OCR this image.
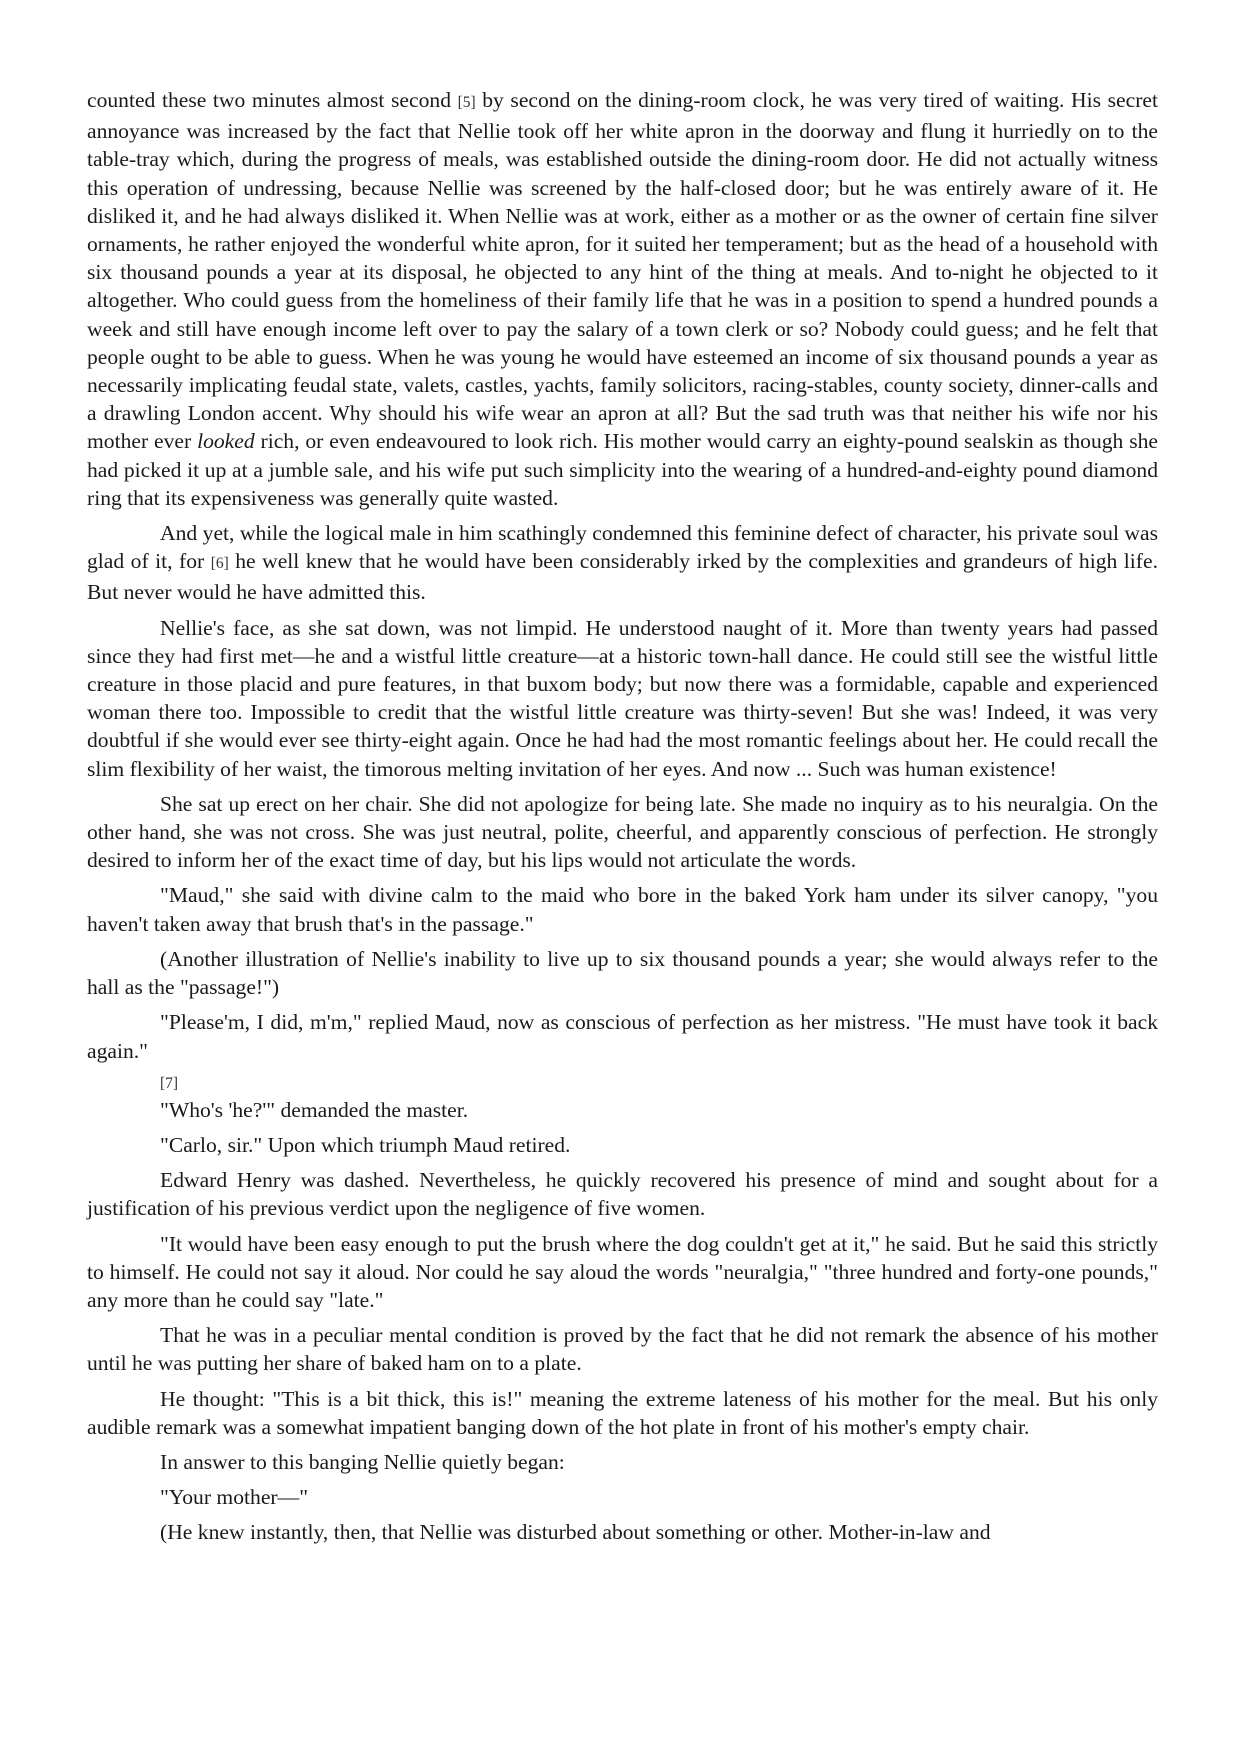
counted these two minutes almost second [5] by second on the dining-room clock, he was very tired of waiting. His secret annoyance was increased by the fact that Nellie took off her white apron in the doorway and flung it hurriedly on to the table-tray which, during the progress of meals, was established outside the dining-room door. He did not actually witness this operation of undressing, because Nellie was screened by the half-closed door; but he was entirely aware of it. He disliked it, and he had always disliked it. When Nellie was at work, either as a mother or as the owner of certain fine silver ornaments, he rather enjoyed the wonderful white apron, for it suited her temperament; but as the head of a household with six thousand pounds a year at its disposal, he objected to any hint of the thing at meals. And to-night he objected to it altogether. Who could guess from the homeliness of their family life that he was in a position to spend a hundred pounds a week and still have enough income left over to pay the salary of a town clerk or so? Nobody could guess; and he felt that people ought to be able to guess. When he was young he would have esteemed an income of six thousand pounds a year as necessarily implicating feudal state, valets, castles, yachts, family solicitors, racing-stables, county society, dinner-calls and a drawling London accent. Why should his wife wear an apron at all? But the sad truth was that neither his wife nor his mother ever looked rich, or even endeavoured to look rich. His mother would carry an eighty-pound sealskin as though she had picked it up at a jumble sale, and his wife put such simplicity into the wearing of a hundred-and-eighty pound diamond ring that its expensiveness was generally quite wasted.

And yet, while the logical male in him scathingly condemned this feminine defect of character, his private soul was glad of it, for [6] he well knew that he would have been considerably irked by the complexities and grandeurs of high life. But never would he have admitted this.

Nellie's face, as she sat down, was not limpid. He understood naught of it. More than twenty years had passed since they had first met—he and a wistful little creature—at a historic town-hall dance. He could still see the wistful little creature in those placid and pure features, in that buxom body; but now there was a formidable, capable and experienced woman there too. Impossible to credit that the wistful little creature was thirty-seven! But she was! Indeed, it was very doubtful if she would ever see thirty-eight again. Once he had had the most romantic feelings about her. He could recall the slim flexibility of her waist, the timorous melting invitation of her eyes. And now ... Such was human existence!

She sat up erect on her chair. She did not apologize for being late. She made no inquiry as to his neuralgia. On the other hand, she was not cross. She was just neutral, polite, cheerful, and apparently conscious of perfection. He strongly desired to inform her of the exact time of day, but his lips would not articulate the words.

"Maud," she said with divine calm to the maid who bore in the baked York ham under its silver canopy, "you haven't taken away that brush that's in the passage."

(Another illustration of Nellie's inability to live up to six thousand pounds a year; she would always refer to the hall as the "passage!")

"Please'm, I did, m'm," replied Maud, now as conscious of perfection as her mistress. "He must have took it back again."

[7]

"Who's 'he?'" demanded the master.

"Carlo, sir." Upon which triumph Maud retired.

Edward Henry was dashed. Nevertheless, he quickly recovered his presence of mind and sought about for a justification of his previous verdict upon the negligence of five women.

"It would have been easy enough to put the brush where the dog couldn't get at it," he said. But he said this strictly to himself. He could not say it aloud. Nor could he say aloud the words "neuralgia," "three hundred and forty-one pounds," any more than he could say "late."

That he was in a peculiar mental condition is proved by the fact that he did not remark the absence of his mother until he was putting her share of baked ham on to a plate.

He thought: "This is a bit thick, this is!" meaning the extreme lateness of his mother for the meal. But his only audible remark was a somewhat impatient banging down of the hot plate in front of his mother's empty chair.

In answer to this banging Nellie quietly began:

"Your mother—"

(He knew instantly, then, that Nellie was disturbed about something or other. Mother-in-law and
